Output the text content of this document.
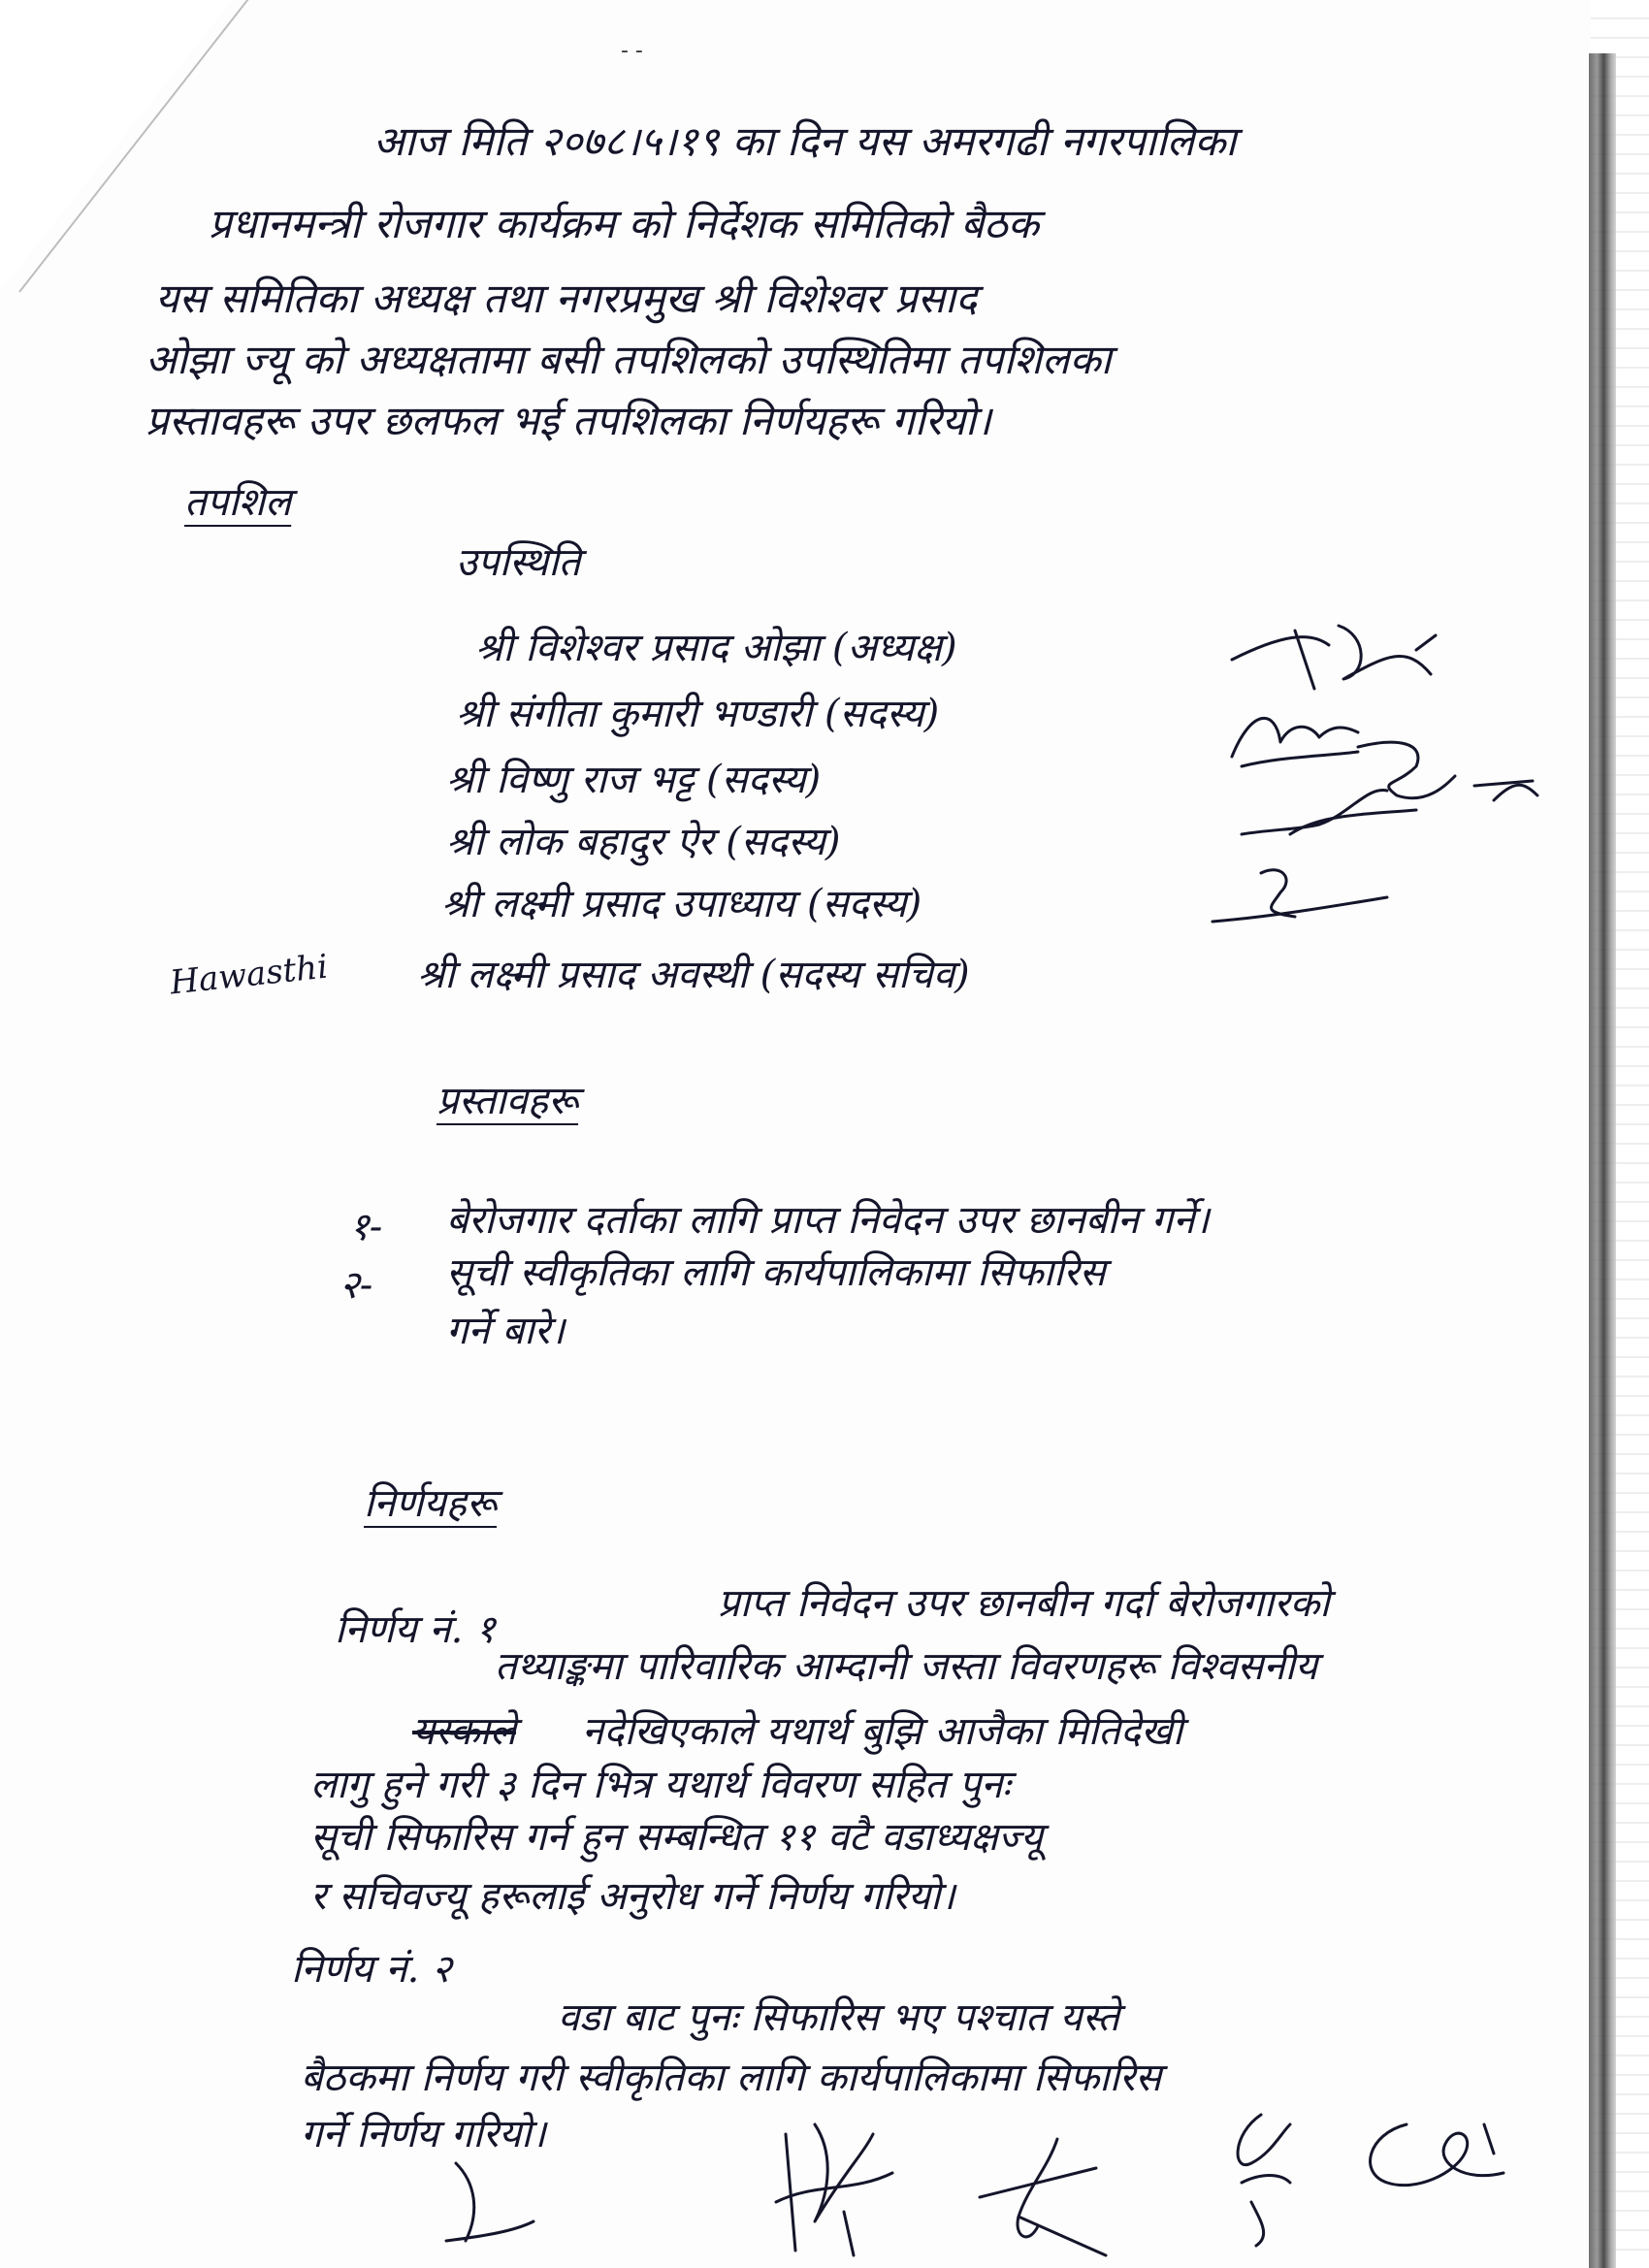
- -
आज मिति २०७८।५।१९ का दिन यस अमरगढी नगरपालिका
प्रधानमन्त्री रोजगार कार्यक्रम को निर्देशक समितिको बैठक
यस समितिका अध्यक्ष तथा नगरप्रमुख श्री विशेश्वर प्रसाद
ओझा ज्यू को अध्यक्षतामा बसी तपशिलको उपस्थितिमा तपशिलका
प्रस्तावहरू उपर छलफल भई तपशिलका निर्णयहरू गरियो।
तपशिल
उपस्थिति
श्री विशेश्वर प्रसाद ओझा (अध्यक्ष)
श्री संगीता कुमारी भण्डारी (सदस्य)
श्री विष्णु राज भट्ट (सदस्य)
श्री लोक बहादुर ऐर (सदस्य)
श्री लक्ष्मी प्रसाद उपाध्याय (सदस्य)
श्री लक्ष्मी प्रसाद अवस्थी (सदस्य सचिव)
Hawasthi
प्रस्तावहरू
१- बेरोजगार दर्ताका लागि प्राप्त निवेदन उपर छानबीन गर्ने।
२- सूची स्वीकृतिका लागि कार्यपालिकामा सिफारिस
गर्ने बारे।
निर्णयहरू
निर्णय नं. १
प्राप्त निवेदन उपर छानबीन गर्दा बेरोजगारको
तथ्याङ्कमा पारिवारिक आम्दानी जस्ता विवरणहरू विश्वसनीय
यस्काले नदेखिएकाले यथार्थ बुझि आजैका मितिदेखी
लागु हुने गरी ३ दिन भित्र यथार्थ विवरण सहित पुनः
सूची सिफारिस गर्न हुन सम्बन्धित ११ वटै वडाध्यक्षज्यू
र सचिवज्यू हरूलाई अनुरोध गर्ने निर्णय गरियो।
निर्णय नं. २
वडा बाट पुनः सिफारिस भए पश्चात यस्ते
बैठकमा निर्णय गरी स्वीकृतिका लागि कार्यपालिकामा सिफारिस
गर्ने निर्णय गरियो।
